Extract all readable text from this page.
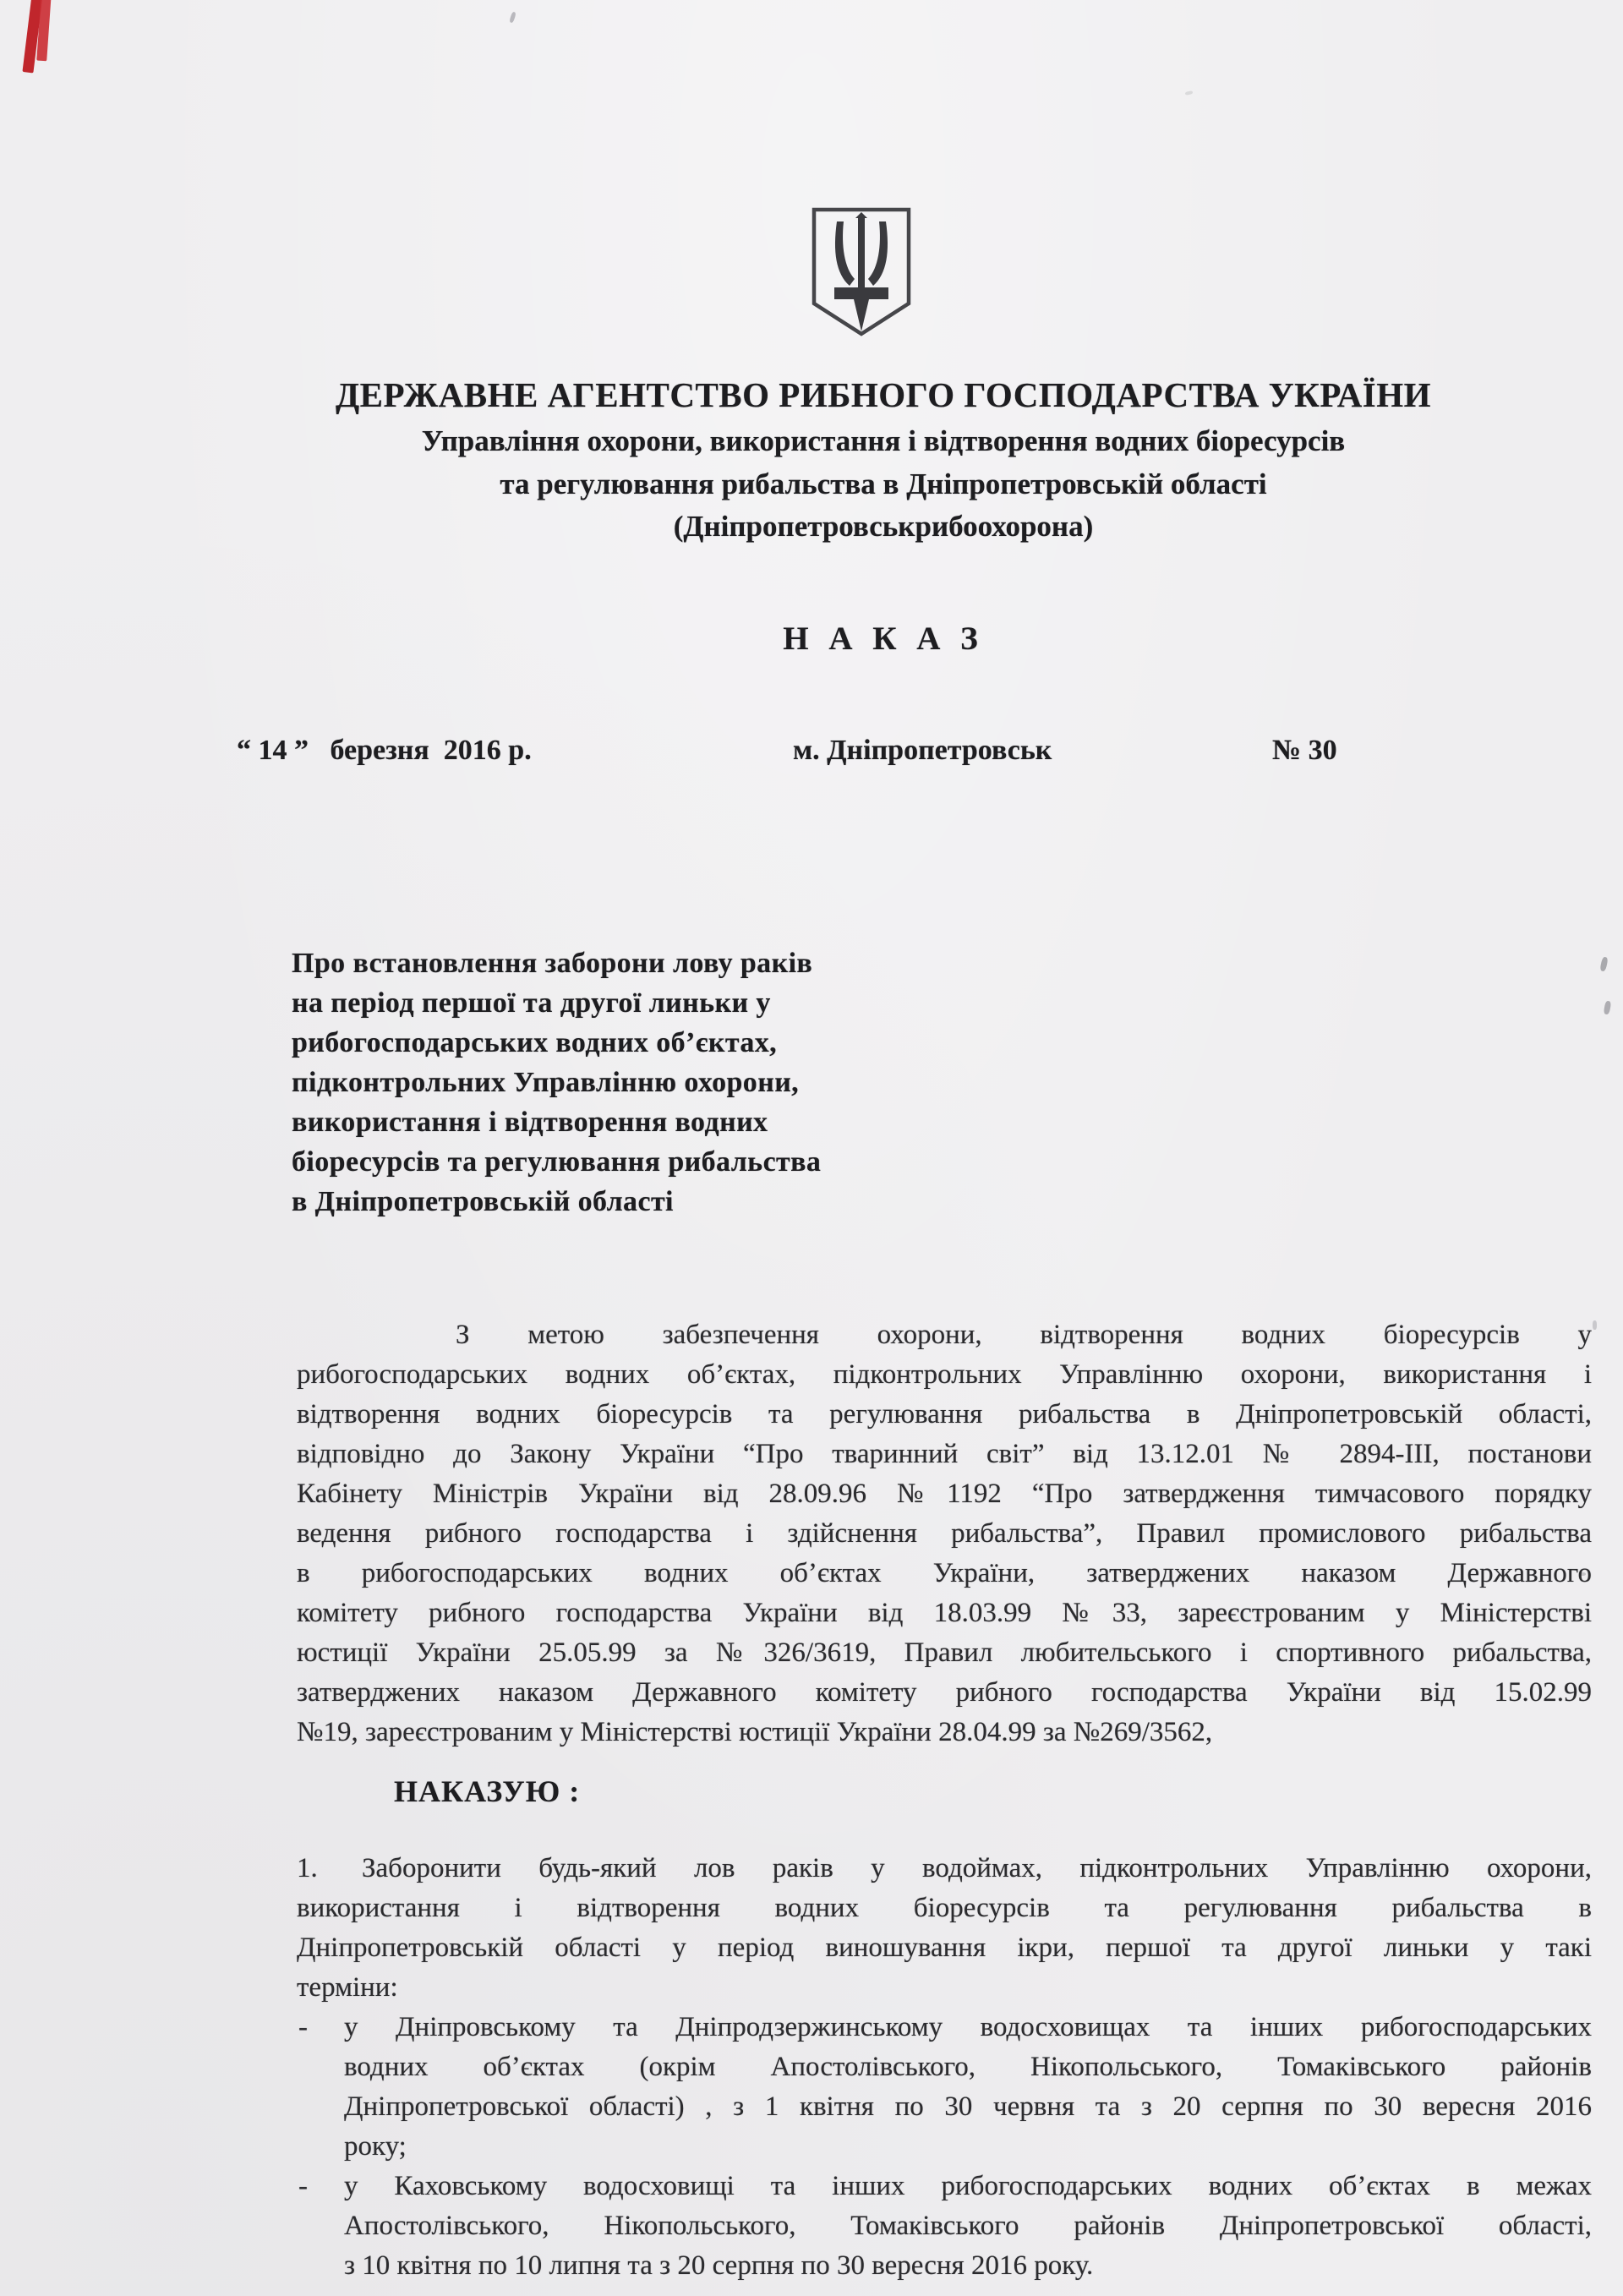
ДЕРЖАВНЕ АГЕНТСТВО РИБНОГО ГОСПОДАРСТВА УКРАЇНИ
Управління охорони, використання і відтворення водних біоресурсів
та регулювання рибальства в Дніпропетровській області
(Дніпропетровськрибоохорона)
Н А К А З
“ 14 ”   березня  2016 р.	м. Дніпропетровськ	№ 30
Про встановлення заборони лову раків
на період першої та другої линьки у
рибогосподарських водних об’єктах,
підконтрольних Управлінню охорони,
використання і відтворення водних
біоресурсів та регулювання рибальства
в Дніпропетровській області
З метою забезпечення охорони, відтворення водних біоресурсів у
рибогосподарських водних об’єктах, підконтрольних Управлінню охорони, використання і
відтворення водних біоресурсів та регулювання рибальства в Дніпропетровській області,
відповідно до Закону України “Про тваринний світ” від 13.12.01 № 2894-ІІІ, постанови
Кабінету Міністрів України від 28.09.96 №1192 “Про затвердження тимчасового порядку
ведення рибного господарства і здійснення рибальства”, Правил промислового рибальства
в рибогосподарських водних об’єктах України, затверджених наказом Державного
комітету рибного господарства України від 18.03.99 №33, зареєстрованим у Міністерстві
юстиції України 25.05.99 за №326/3619, Правил любительського і спортивного рибальства,
затверджених наказом Державного комітету рибного господарства України від 15.02.99
№19, зареєстрованим у Міністерстві юстиції України 28.04.99 за №269/3562,
НАКАЗУЮ :
1. Заборонити будь-який лов раків у водоймах, підконтрольних Управлінню охорони,
використання і відтворення водних біоресурсів та регулювання рибальства в
Дніпропетровській області у період виношування ікри, першої та другої линьки у такі
терміни:
- у Дніпровському та Дніпродзержинському водосховищах та інших рибогосподарських
водних об’єктах (окрім Апостолівського, Нікопольського, Томаківського районів
Дніпропетровської області) , з 1 квітня по 30 червня та з 20 серпня по 30 вересня 2016
року;
- у Каховському водосховищі та інших рибогосподарських водних об’єктах в межах
Апостолівського, Нікопольського, Томаківського районів Дніпропетровської області,
з 10 квітня по 10 липня та з 20 серпня по 30 вересня 2016 року.
